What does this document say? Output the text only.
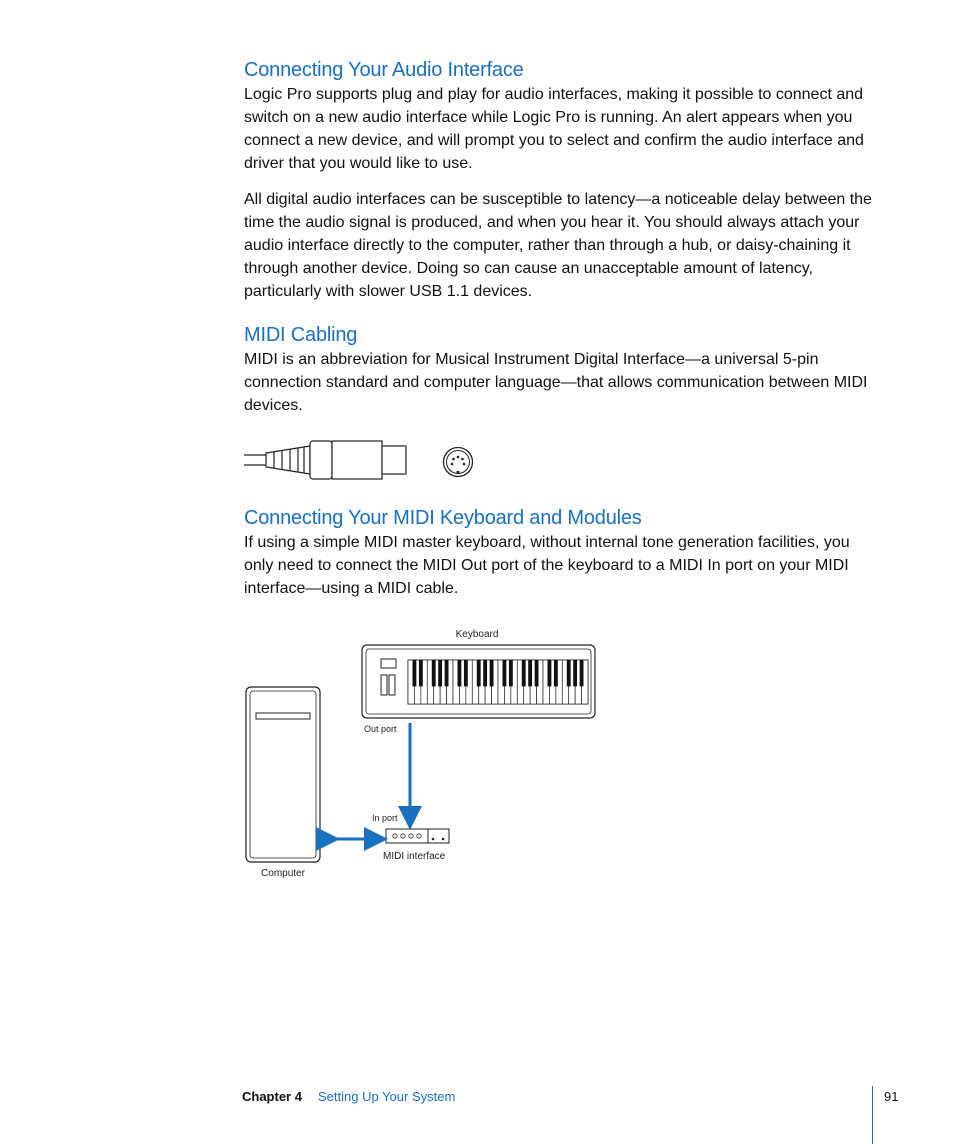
Connecting Your Audio Interface

Logic Pro supports plug and play for audio interfaces, making it possible to connect and switch on a new audio interface while Logic Pro is running. An alert appears when you connect a new device, and will prompt you to select and confirm the audio interface and driver that you would like to use.

All digital audio interfaces can be susceptible to latency—a noticeable delay between the time the audio signal is produced, and when you hear it. You should always attach your audio interface directly to the computer, rather than through a hub, or daisy-chaining it through another device. Doing so can cause an unacceptable amount of latency, particularly with slower USB 1.1 devices.

MIDI Cabling

MIDI is an abbreviation for Musical Instrument Digital Interface—a universal 5-pin connection standard and computer language—that allows communication between MIDI devices.

Connecting Your MIDI Keyboard and Modules

If using a simple MIDI master keyboard, without internal tone generation facilities, you only need to connect the MIDI Out port of the keyboard to a MIDI In port on your MIDI interface—using a MIDI cable.

Keyboard
Out port
Computer
In port
MIDI interface
Chapter 4 Setting Up Your System	91
